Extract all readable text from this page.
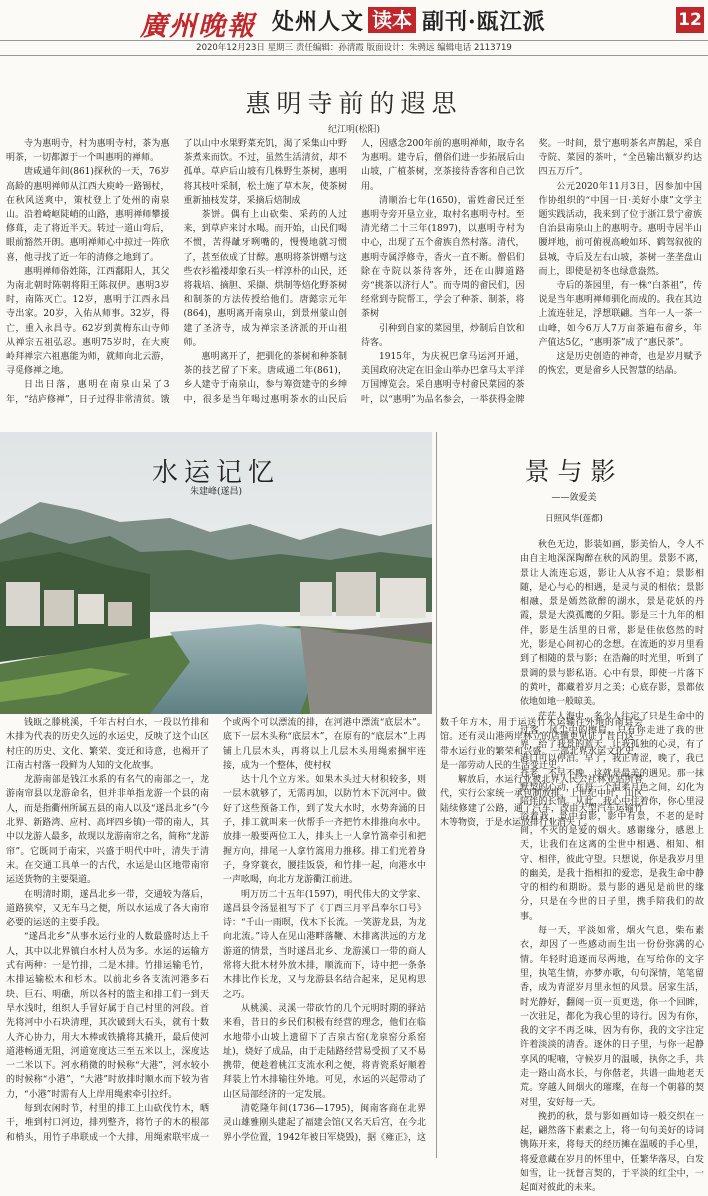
廣州晚報 处州人文 读本 副刊·瓯江派	12
2020年12月23日 星期三 责任编辑：孙清霞 版面设计：朱骋远 编辑电话 2113719
惠明寺前的遐思
纪江明(松阳)

寺为惠明寺，村为惠明寺村，茶为惠明茶，一切都源于一个叫惠明的禅师。

唐咸通年间(861)探秋的一天，76岁高龄的惠明禅师从江西大庾岭一路锡杖，在秋风送爽中，策杖登上了处州的南泉山。沿着崎岖陡峭的山路，惠明禅师攀援修葺，走了将近半天。转过一道山弯后，眼前豁然开朗。惠明禅师心中掠过一阵欣喜，他寻找了近一年的清修之地到了。

惠明禅师俗姓陈，江西鄱阳人，其父为南北朝时陈朝将阳王陈叔伊。惠明3岁时，南陈灭亡。12岁，惠明于江西永昌寺出家。20岁，入佑从师事。32岁，得亡，重入永昌寺。62岁到黄梅东山寺师从禅宗五祖弘忍。惠明75岁时，在大庾岭拜禅宗六祖惠能为师，就师向北云游，寻觅修禅之地。

日出日落，惠明在南泉山呆了3年，“结庐修禅”，日子过得非常清贫。饿了以山中水果野菜充饥，渴了采集山中野茶煮来而饮。不过，虽然生活清贫，却不孤单。草庐后山坡有几株野生茶树，惠明将其枝叶采制，松土施了草木灰，使茶树重新抽枝发芽，采摘后焙制成

茶饼。偶有上山砍柴、采药的人过来，到草庐来讨水喝。而开始，山民们喝不惯，苦得龇牙咧嘴的，慢慢地就习惯了，甚至依成了甘醇。惠明将茶饼赠与这些农衫褴褛却象石头一样淳朴的山民，还将栽培、摘胆、采撷、烘制等焙化野茶树和制茶的方法传授给他们。唐懿宗元年(864)，惠明离开南泉山，到景州蒙山创建了圣济寺，成为禅宗圣济派的开山祖师。

惠明离开了，把驯化的茶树和种茶制茶的技艺留了下来。唐咸通二年(861)，乡人建寺于南泉山，参与筹资建寺的乡绅中，很多是当年喝过惠明茶水的山民后人，因感念200年前的惠明禅师，取寺名为惠明。建寺后，僧俗们进一步拓展后山山坡，广植茶树，烹茶接待香客和自己饮用。

清顺治七年(1650)，雷姓畲民迁至惠明寺旁开垦立业，取村名惠明寺村。至清光绪二十三年(1897)，以惠明寺村为中心，出现了五个畲族自然村落。清代，惠明寺属浮修寺，香火一直不断。僧侣们除在寺院以茶待客外，还在山脚道路旁“挑茶以济行人”。而寺周的畲民们，因经常到寺院帮工，学会了种茶、制茶，将茶树

引种到自家的菜园里，炒制后自饮和待客。

1915年，为庆祝巴拿马运河开通，美国政府决定在旧金山举办巴拿马太平洋万国博览会。采自惠明寺村畲民菜园的茶叶，以“惠明”为品名参会，一举获得金牌奖。一时间，景宁惠明茶名声鹊起，采自寺院、菜园的茶叶，“全邑输出额岁约达四五万斤”。

公元2020年11月3日，因参加中国作协组织的“中国一日·美好小康”文学主题实践活动，我来到了位于浙江景宁畲族自治县南泉山上的惠明寺。惠明寺居半山腰坪地，前可俯视高峻如环、鹤驾叙彼的县城，寺后及左右山坡，茶树一垄垄盘山而上，即使是初冬也绿意盎然。

寺后的茶园里，有一株“白茶祖”，传说是当年惠明禅师驯化而成的。我在其边上流连驻足，浮想联翩。当年一人一茶一山峰，如今6万人7万亩茶遍布畲乡，年产值达5亿，“惠明茶”成了“惠民茶”。

这是历史创造的神奇，也是岁月赋予的恢宏，更是畲乡人民智慧的结晶。

水运记忆
朱建峰(遂昌)

钱瓯之滕桃溪，千年古村白水，一段以竹排和木排为代表的历史久远的水运史，反映了这个山区村庄的历史、文化、繁荣、变迁和诗意，也褐开了江南古村落一段鲜为人知的文化故事。

龙游南部是钱江水系的有名气的南部之一，龙游南帘县以龙游命名，但并非单指龙游一个县的南人，而是指衢州所属五县的南人以及“遂昌北乡”(今北界、新路湾、应村、高坪四乡镇)一带的南人，其中以龙游人最多，故现以龙游南帘之名，简称“龙游帘”。它既同于南宋，兴盛于明代中叶，清失于清末。在交通工具单一的古代，水运是山区地带南帘运送货物的主要渠道。

在明清时期，遂昌北乡一带，交通较为落后，道路狭窄，又无车马之便，所以水运成了各大南帘必要的运送的主要手段。

“遂昌北乡”从事水运行业的人数最盛时达上千人，其中以北界镇白水村人员为多。水运的运输方式有两种：一是竹排，二是木排。竹排运输毛竹，木排运输松木和杉木。以前北乡各支流河港多石块、巨石、明礁，所以各村的篮主和排工们一到天旱水浅时，组织人手冒好属于自己村里的河段。首先将河中小石块清理，其次破到大石头，就有十数人齐心协力，用大木棒或铁撬将其撬开，最后使河道港畅通无阻，河道宽度达三至五米以上，深度达一二米以下。河水稍微的时候称“大港”，河水较小的时候称“小港”，“大港”时放排时顺水而下较为省力，“小港”时需有人上岸用绳索牵引拉纤。

每到农闲时节，村里的排工上山砍伐竹木，晒干，堆到村口河边，排列整齐，将竹子的木的根部和梢头，用竹子串联成一个大排，用绳索联牢成一个或两个可以漂流的排，在河港中漂流“底层木”。底下一层木头称“底层木”，在原有的“底层木”上再铺上几层木头，再将以上几层木头用绳索捆牢连接，成为一个整体，使村权

达十几个立方米。如果木头过大材积较多，则一层木就够了，无需再加，以防竹木下沉河中。做好了这些预备工作，到了发大水时，水势奔涌的日子，排工就叫来一伙帮手一齐把竹木排推向水中。放排一般要两位工人，排头上一人拿竹篙牵引和把握方向，排尾一人拿竹篙用力推移。排工们光着身子，身穿蓑衣，腰挂饭袋，和竹排一起，向港水中一声吆喝，向北方龙游衢江前进。

明万历二十五年(1597)，明代伟大的文学家、遂昌县令汤显祖写下了《丁酉三月平昌奉尔口号》诗：“千山一雨暝，伐木下长流。一笑游龙县，为龙向北流。”诗人在见山港畔落鞭、木排离洪远的方龙游道的情景，当时遂昌北乡、龙游溪口一带的商人常将大批木材外放木排，顺流而下，诗中把一条条木排比作长龙，又与龙游县名结合起来，足见构思之巧。

从桃溪、灵溪一带砍竹的几个元明时期的驿站来看，昔日的乡民们积极有经营的理念，他们在临水地带小山坡上遗留下了吉泉古窑(龙泉窑分系窑址)，烧好了成品，由于走陆路经营易受损了又不易携带，便趁着桃江支流水利之便，将青瓷系好顺着拜装上竹木排输往外地。可见，水运的兴起带动了山区局部经济的一定发展。

清乾隆年间(1736—1795)，闽南客商在北界灵山雄雅刚头建起了福建会馆(又名天后宫，在今北界小学位置，1942年被日军烧毁)，据《雍正》，这数千年方木，用于运送竹木运输往外地的南县会馆。还有灵山港两岸林立的店铺更见证了昔日这一带水运行业的繁荣和兴盛。一部北界水运文化史，是一部劳动人民的生活变迁史。

解放后，水运行业被北界人民公社林业站所替代，实行公家统一承包制放排。上世纪中叶，山区陆续修建了公路，通了汽车，改由大型汽车运输竹木等物资，于是水运放排行业消失了。

景与影
——敛爱美
日照风华(莲都)

秋色无边，影装如画，影美怡人，令人不由自主地深深陶醉在秋的风韵里。景影不离，景让人流连忘返，影让人从容不迫；景影相随，是心与心的相遇，是灵与灵的相依；景影相融，景是嫣然欲醉的湖水，景是花妖的丹霞，景是大漠孤鹰的夕阳。影是三十九年的相伴，影是生活里的日常，影是佳依悠然的时光，影是心间初心的念想。在流逝的岁月里看到了相随的景与影；在浩瀚的时光里，听到了景调的景与影私语。心中有景，即使一片落下的黄叶，都藏着岁月之美；心底存影，景都依依地如地一般晾美。

茫茫人海中，多少人往定了只是生命中的过客，风尘中的擦肩。只有你走进了我的世界，给了我景的蓝天。让我孤独的心灵，有了港口可以停泊。早了，我正青涩，晚了，我已苍老，不早不晚，这就是最美的遇见。那一抹默契的心动，在每一个温柔月色之间，幻化为陪伴的长情。从此，我心中住着你，你心里浸浴着我，景中有影，影中有景，不老的是时间，不灭的是爱的烟火。感谢缘分，感恩上天，让我们在这离的尘世中相遇、相知、相守、相伴，彼此守望。只想说，你是我岁月里的幽美，是我十指相扣的爱恋，是我生命中静守的相约和期盼。景与影的遇见是前世的缘分，只是在今世的日子里，携手陪我们的故事。

每一天，平淡如常，烟火气息，柴布素衣，却因了一些感动而生出一份份弥满的心情。年轻时追逐而尽两地，在写给你的文字里，执笔生情，亦梦亦歌，句句深情，笔笔留香，成为青涩岁月里永恒的风景。居家生活，时光静好，翻阅一页一页更迭，你一个回眸，一次驻足，都化为我心里的诗行。因为有你，我的文字不再乏味，因为有你，我的文字注定许着淡淡的清香。逐休的日子里，与你一起静享风的呢喃，守候岁月的温暖，执你之手，共走一路山高水长，与你偕老，共谱一曲地老天荒。穿越人间烟火的璀璨，在每一个朝暮的契对里，安好每一天。

挽扔的秋，景与影如画如诗一般交织在一起，翩然落下素素之上，将一句句美好的诗词镌陈开来，将每天的经历摊在温暖的手心里，将爱意藏在岁月的怀里中，任繁华落尽，白发如雪，让一抚督言契的，于平淡的红尘中，一起面对彼此的未来。
